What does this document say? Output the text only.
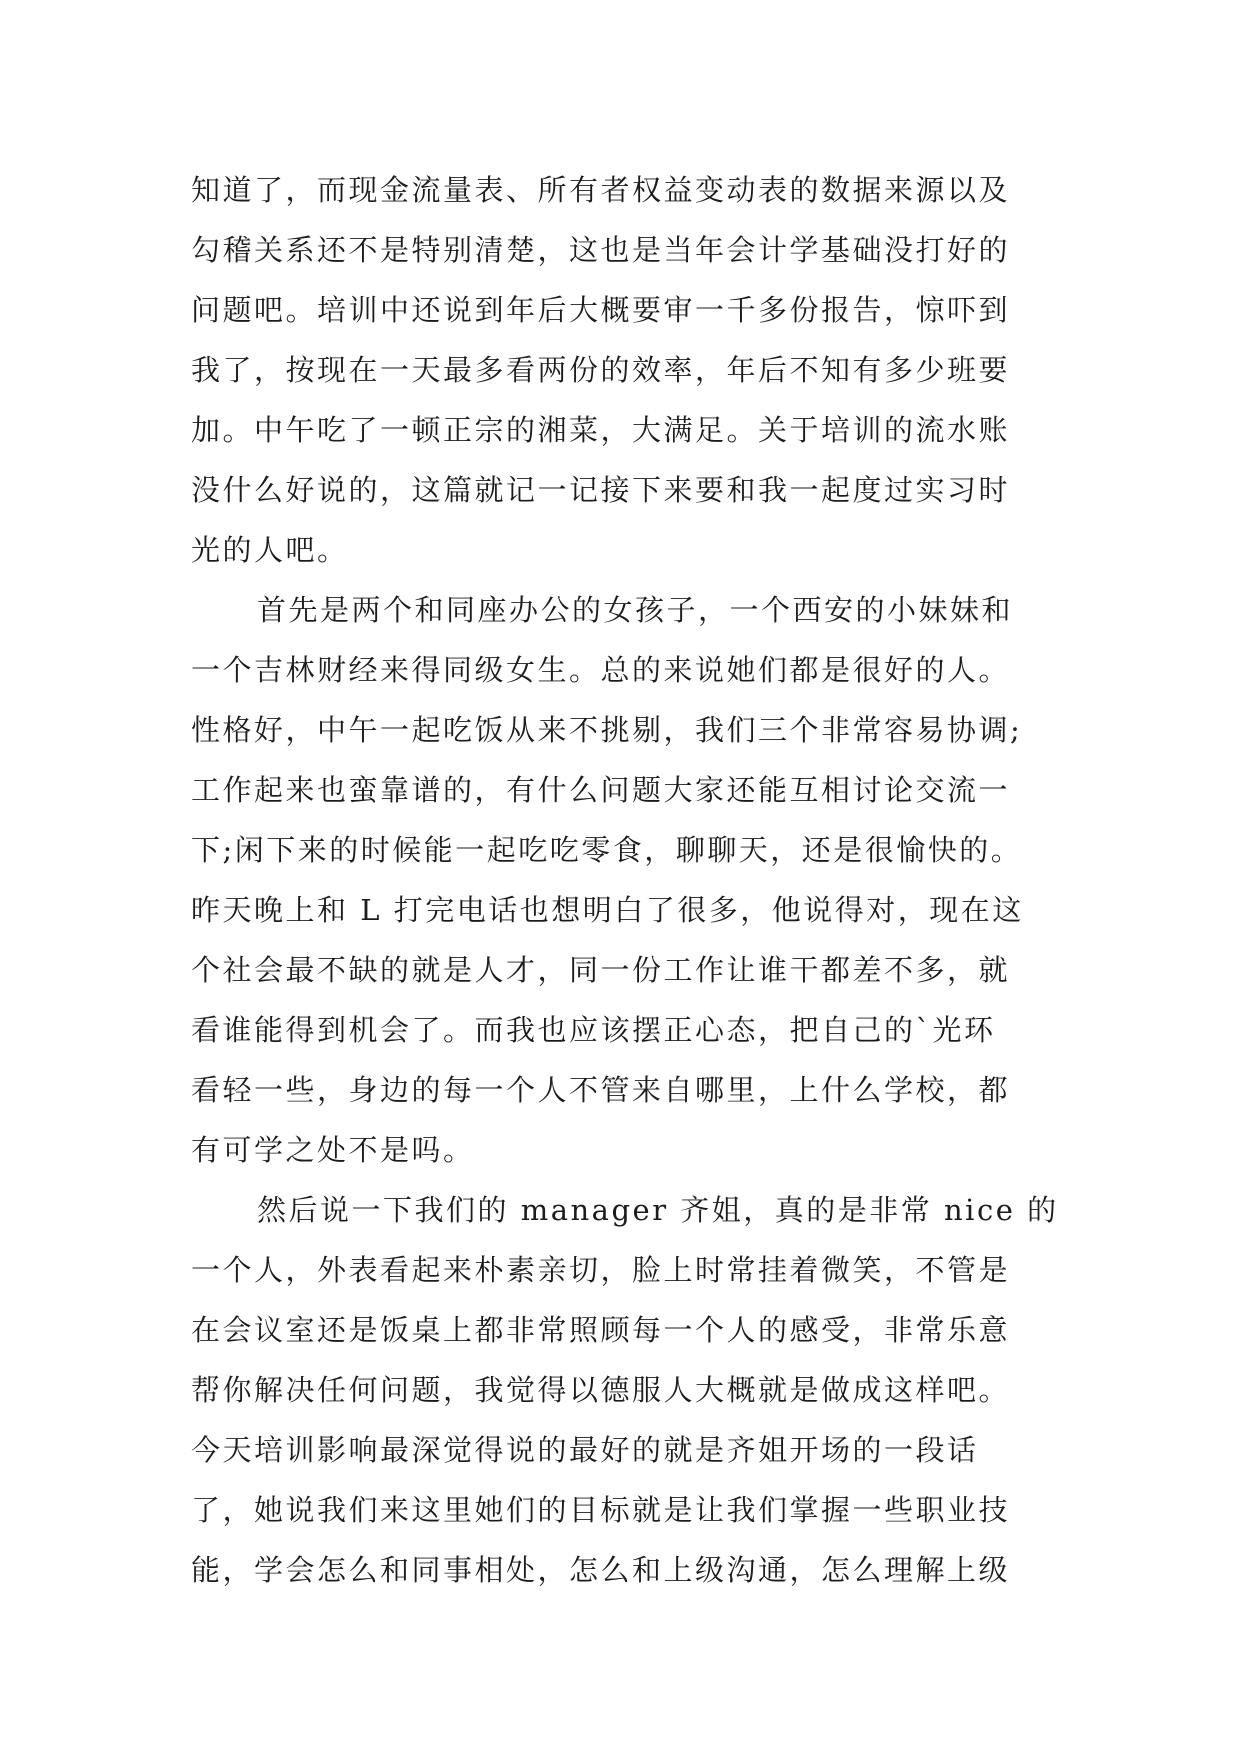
知道了，而现金流量表、所有者权益变动表的数据来源以及
勾稽关系还不是特别清楚，这也是当年会计学基础没打好的
问题吧。培训中还说到年后大概要审一千多份报告，惊吓到
我了，按现在一天最多看两份的效率，年后不知有多少班要
加。中午吃了一顿正宗的湘菜，大满足。关于培训的流水账
没什么好说的，这篇就记一记接下来要和我一起度过实习时
光的人吧。
首先是两个和同座办公的女孩子，一个西安的小妹妹和
一个吉林财经来得同级女生。总的来说她们都是很好的人。
性格好，中午一起吃饭从来不挑剔，我们三个非常容易协调;
工作起来也蛮靠谱的，有什么问题大家还能互相讨论交流一
下;闲下来的时候能一起吃吃零食，聊聊天，还是很愉快的。
昨天晚上和 L 打完电话也想明白了很多，他说得对，现在这
个社会最不缺的就是人才，同一份工作让谁干都差不多，就
看谁能得到机会了。而我也应该摆正心态，把自己的`光环
看轻一些，身边的每一个人不管来自哪里，上什么学校，都
有可学之处不是吗。
然后说一下我们的 manager 齐姐，真的是非常 nice 的
一个人，外表看起来朴素亲切，脸上时常挂着微笑，不管是
在会议室还是饭桌上都非常照顾每一个人的感受，非常乐意
帮你解决任何问题，我觉得以德服人大概就是做成这样吧。
今天培训影响最深觉得说的最好的就是齐姐开场的一段话
了，她说我们来这里她们的目标就是让我们掌握一些职业技
能，学会怎么和同事相处，怎么和上级沟通，怎么理解上级
